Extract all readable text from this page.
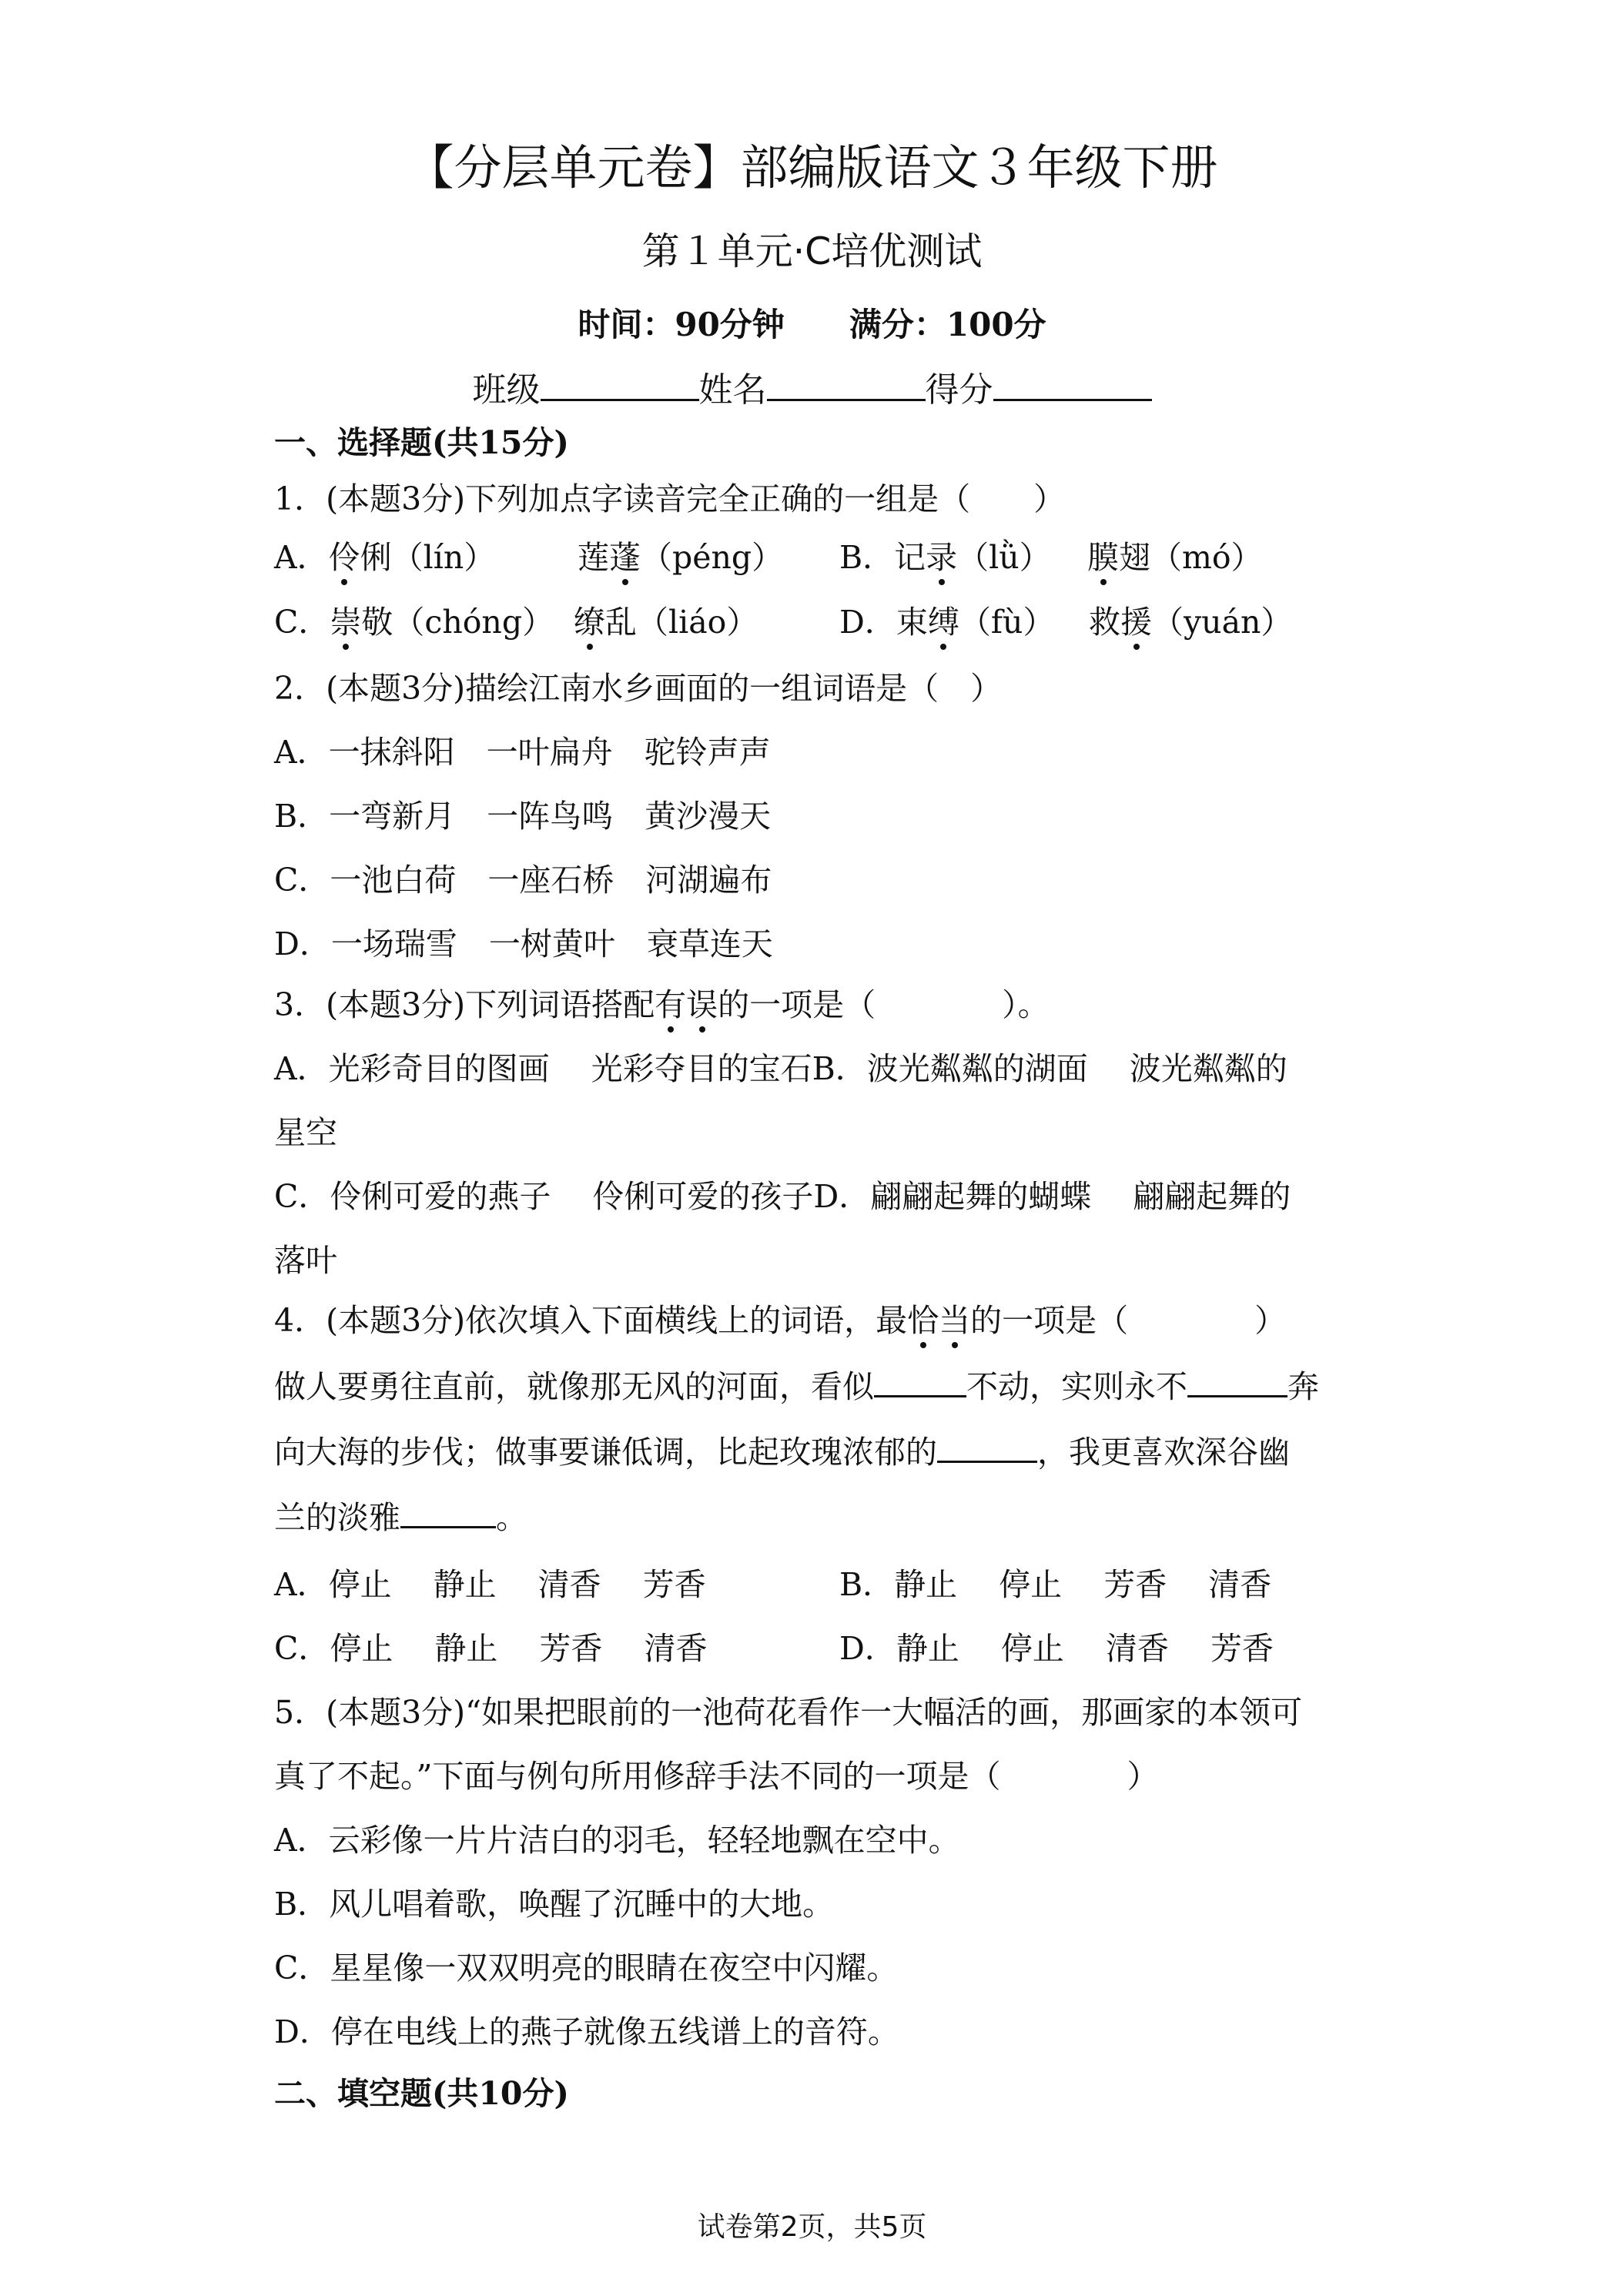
【分层单元卷】部编版语文３年级下册
第１单元·C培优测试
时间：90分钟　　 满分：100分
班级	姓名	得分
一、选择题(共15分)
1．(本题3分)下列加点字读音完全正确的一组是（　　）
A．伶俐（lín）	莲蓬（péng） B．记录（lǜ） 膜翅（mó）
C．崇敬（chóng） 缭乱（liáo）	D．束缚（fù） 救援（yuán）
2．(本题3分)描绘江南水乡画面的一组词语是（　）
A．一抹斜阳　一叶扁舟　驼铃声声
B．一弯新月　一阵鸟鸣　黄沙漫天
C．一池白荷　一座石桥　河湖遍布
D．一场瑞雪　一树黄叶　衰草连天
3．(本题3分)下列词语搭配有误的一项是（　　　　）。
A．光彩奇目的图画　 光彩夺目的宝石B．波光粼粼的湖面　 波光粼粼的
星空
C．伶俐可爱的燕子　 伶俐可爱的孩子D．翩翩起舞的蝴蝶　 翩翩起舞的
落叶
4．(本题3分)依次填入下面横线上的词语，最恰当的一项是（　　　　）
做人要勇往直前，就像那无风的河面，看似	不动，实则永不	奔
向大海的步伐；做事要谦低调，比起玫瑰浓郁的	，我更喜欢深谷幽
兰的淡雅	。
A．停止　 静止　 清香　 芳香	B．静止　 停止　 芳香　 清香
C．停止　 静止　 芳香　 清香	D．静止　 停止　 清香　 芳香
5．(本题3分)“如果把眼前的一池荷花看作一大幅活的画，那画家的本领可
真了不起。”下面与例句所用修辞手法不同的一项是（　　　　）
A．云彩像一片片洁白的羽毛，轻轻地飘在空中。
B．风儿唱着歌，唤醒了沉睡中的大地。
C．星星像一双双明亮的眼睛在夜空中闪耀。
D．停在电线上的燕子就像五线谱上的音符。
二、填空题(共10分)
试卷第2页，共5页
